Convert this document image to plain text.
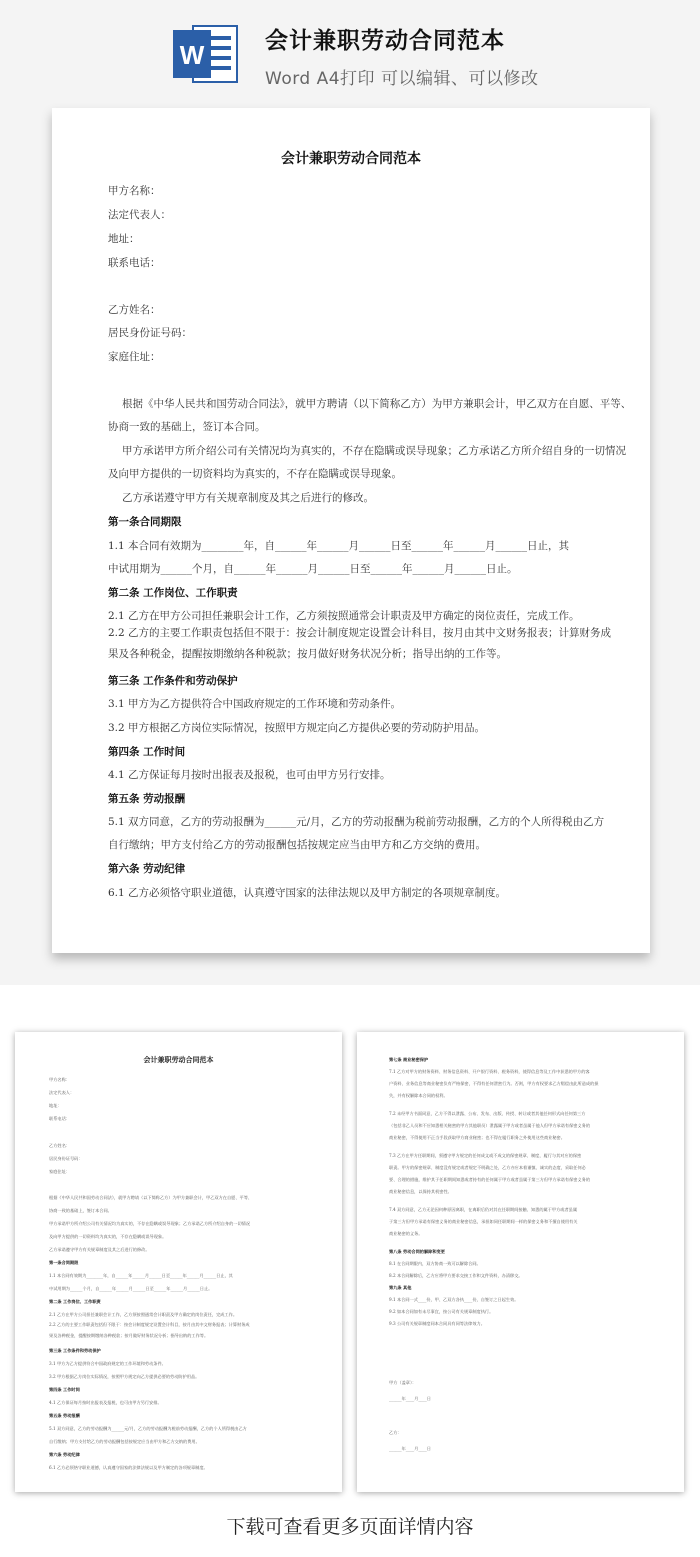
W	会计兼职劳动合同范本
Word A4打印 可以编辑、可以修改
会计兼职劳动合同范本
甲方名称：
法定代表人：
地址：
联系电话：
乙方姓名：
居民身份证号码：
家庭住址：
根据《中华人民共和国劳动合同法》，就甲方聘请（以下简称乙方）为甲方兼职会计，甲乙双方在自愿、平等、
协商一致的基础上，签订本合同。
甲方承诺甲方所介绍公司有关情况均为真实的，不存在隐瞒或误导现象；乙方承诺乙方所介绍自身的一切情况
及向甲方提供的一切资料均为真实的，不存在隐瞒或误导现象。
乙方承诺遵守甲方有关规章制度及其之后进行的修改。
第一条合同期限
1.1 本合同有效期为________年，自______年______月______日至______年______月______日止，其
中试用期为______个月，自______年______月______日至______年______月______日止。
第二条 工作岗位、工作职责
2.1 乙方在甲方公司担任兼职会计工作，乙方须按照通常会计职责及甲方确定的岗位责任，完成工作。
2.2 乙方的主要工作职责包括但不限于：按会计制度规定设置会计科目，按月由其中文财务报表；计算财务成
果及各种税金，提醒按期缴纳各种税款；按月做好财务状况分析；指导出纳的工作等。
第三条 工作条件和劳动保护
3.1 甲方为乙方提供符合中国政府规定的工作环境和劳动条件。
3.2 甲方根据乙方岗位实际情况，按照甲方规定向乙方提供必要的劳动防护用品。
第四条 工作时间
4.1 乙方保证每月按时出报表及报税，也可由甲方另行安排。
第五条 劳动报酬
5.1 双方同意，乙方的劳动报酬为______元/月，乙方的劳动报酬为税前劳动报酬，乙方的个人所得税由乙方
自行缴纳；甲方支付给乙方的劳动报酬包括按规定应当由甲方和乙方交纳的费用。
第六条 劳动纪律
6.1 乙方必须恪守职业道德，认真遵守国家的法律法规以及甲方制定的各项规章制度。
会计兼职劳动合同范本
甲方名称：
法定代表人：
地址：
联系电话：
乙方姓名：
居民身份证号码：
家庭住址：
根据《中华人民共和国劳动合同法》，就甲方聘请（以下简称乙方）为甲方兼职会计，甲乙双方在自愿、平等、
协商一致的基础上，签订本合同。
甲方承诺甲方所介绍公司有关情况均为真实的，不存在隐瞒或误导现象；乙方承诺乙方所介绍自身的一切情况
及向甲方提供的一切资料均为真实的，不存在隐瞒或误导现象。
乙方承诺遵守甲方有关规章制度及其之后进行的修改。
第一条合同期限
1.1 本合同有效期为________年，自______年______月______日至______年______月______日止，其
中试用期为______个月，自______年______月______日至______年______月______日止。
第二条 工作岗位、工作职责
2.1 乙方在甲方公司担任兼职会计工作，乙方须按照通常会计职责及甲方确定的岗位责任，完成工作。
2.2 乙方的主要工作职责包括但不限于：按会计制度规定设置会计科目，按月由其中文财务报表；计算财务成
果及各种税金，提醒按期缴纳各种税款；按月做好财务状况分析；指导出纳的工作等。
第三条 工作条件和劳动保护
3.1 甲方为乙方提供符合中国政府规定的工作环境和劳动条件。
3.2 甲方根据乙方岗位实际情况，按照甲方规定向乙方提供必要的劳动防护用品。
第四条 工作时间
4.1 乙方保证每月按时出报表及报税，也可由甲方另行安排。
第五条 劳动报酬
5.1 双方同意，乙方的劳动报酬为______元/月，乙方的劳动报酬为税前劳动报酬，乙方的个人所得税由乙方
自行缴纳；甲方支付给乙方的劳动报酬包括按规定应当由甲方和乙方交纳的费用。
第六条 劳动纪律
6.1 乙方必须恪守职业道德，认真遵守国家的法律法规以及甲方制定的各项规章制度。
第七条 商业秘密保护
7.1 乙方对甲方的财务资料、财务信息资料、开户银行资料、税务资料，使得信息等及工作中获悉的甲方的客
户资料、业务信息等商业秘密负有严格保密，不得有任何泄密行为。否则，甲方有权要求乙方赔偿由此所造成的损
失，并有权解除本合同的权利。
7.2 未经甲方书面同意，乙方不得以泄露、公布、发布、出版、传授、转让或者其他任何形式向任何第三方
（包括非乙人员和不应知悉相关秘密的甲方其他职员）泄露属于甲方或者虽属于他人但甲方承诺有保密义务的
商业秘密，不得使用不正当手段获取甲方商业秘密；也不得在履行职务之外使用这些商业秘密。
7.3 乙方在甲方任职期间，须遵守甲方规定的任何成文或不成文的保密规章、制度，履行与其对应的保密
职责。甲方的保密规章、制度没有规定或者规定不明确之处，乙方亦应本着谨慎、诚实的态度，采取任何必
要、合理的措施，维护其于任职期间知悉或者持有的任何属于甲方或者虽属于第三方但甲方承诺有保密义务的
商业秘密信息，以保持其机密性。
7.4 双方同意，乙方无论因何种原因离职，在离职后仍对其在任职期间接触、知悉的属于甲方或者虽属
于第三方但甲方承诺有保密义务的商业秘密信息，承担如同任职期间一样的保密义务和不擅自使用有关
商业秘密的义务。
第八条 劳动合同的解除和变更
8.1 在合同期限内，双方协商一致可以解除合同。
8.2 本合同解除后，乙方应将甲方要求交接工作和文件资料，办清移交。
第九条 其他
9.1 本合同一式____份，甲、乙双方各执____份，自签订之日起生效。
9.2 如本合同如有未尽事宜，按公司有关规章制度执行。
9.3 公司有关规章制度同本合同具有同等法律效力。
甲方（盖章）：
______年____月____日
乙方：
______年____月____日
下载可查看更多页面详情内容
